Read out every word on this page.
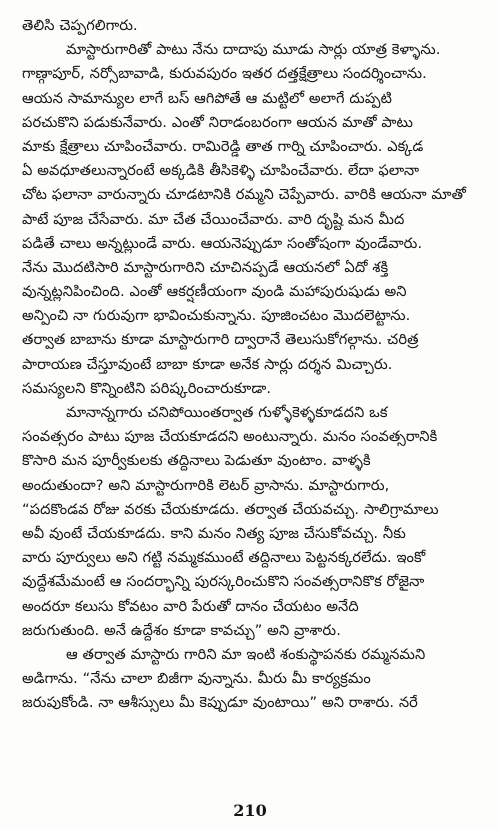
తెలిసి చెప్పగలిగారు.
మాస్టారుగారితో పాటు నేను దాదాపు మూడు సార్లు యాత్ర కెళ్ళాను.
గాణ్గాపూర్, నర్సోబావాడి, కురువపురం ఇతర దత్తక్షేత్రాలు సందర్శించాను.
ఆయన సామాన్యుల లాగే బస్ ఆగిపోతే ఆ మట్టిలో అలాగే దుప్పటి
పరచుకొని పడుకునేవారు. ఎంతో నిరాడంబరంగా ఆయన మాతో పాటు
మాకు క్షేత్రాలు చూపించేవారు. రామిరెడ్డి తాత గార్ని చూపించారు. ఎక్కడ
ఏ అవధూతలున్నారంటే అక్కడికి తీసికెళ్ళి చూపించేవారు. లేదా ఫలానా
చోట ఫలానా వారున్నారు చూడటానికి రమ్మని చెప్పేవారు. వారికి ఆయనా మాతో
పాటే పూజ చేసేవారు. మా చేత చేయించేవారు. వారి దృష్టి మన మీద
పడితే చాలు అన్నట్లుండే వారు. ఆయనెప్పుడూ సంతోషంగా వుండేవారు.
నేను మొదటిసారి మాస్టారుగారిని చూచినప్పడే ఆయనలో ఏదో శక్తి
వున్నట్లనిపించింది. ఎంతో ఆకర్షణీయంగా వుండి మహాపురుషుడు అని
అన్పించి నా గురువుగా భావించుకున్నాను. పూజించటం మొదలెట్టాను.
తర్వాత బాబాను కూడా మాస్టారుగారి ద్వారానే తెలుసుకోగల్గాను. చరిత్ర
పారాయణ చేస్తూవుంటే బాబా కూడా అనేక సార్లు దర్శన మిచ్చారు.
సమస్యలని కొన్నింటిని పరిష్కరించారుకూడా.
మానాన్నగారు చనిపోయింతర్వాత గుళ్ళోకెళ్ళకూడదని ఒక
సంవత్సరం పాటు పూజ చేయకూడదని అంటున్నారు. మనం సంవత్సరానికి
కొసారి మన పూర్వీకులకు తద్దినాలు పెడుతూ వుంటాం. వాళ్ళకి
అందుతుందా? అని మాస్టారుగారికి లెటర్ వ్రాసాను. మాస్టారుగారు,
“పదకొండవ రోజు వరకు చేయకూడదు. తర్వాత చేయవచ్చు. సాలిగ్రామాలు
అవీ వుంటే చేయకూడదు. కాని మనం నిత్య పూజ చేసుకోవచ్చు. నీకు
వారు పూర్వులు అని గట్టి నమ్మకముంటే తద్దినాలు పెట్టనక్కరలేదు. ఇంకో
వుద్దేశమేమంటే ఆ సందర్భాన్ని పురస్కరించుకొని సంవత్సరానికొక రోజైనా
అందరూ కలుసు కోవటం వారి పేరుతో దానం చేయటం అనేది
జరుగుతుంది. అనే ఉద్దేశం కూడా కావచ్చు” అని వ్రాశారు.
ఆ తర్వాత మాస్టారు గారిని మా ఇంటి శంకుస్థాపనకు రమ్మనమని
అడిగాను. “నేను చాలా బిజీగా వున్నాను. మీరు మీ కార్యక్రమం
జరుపుకోండి. నా ఆశీస్సులు మీ కెప్పుడూ వుంటాయి” అని రాశారు. నరే
210
